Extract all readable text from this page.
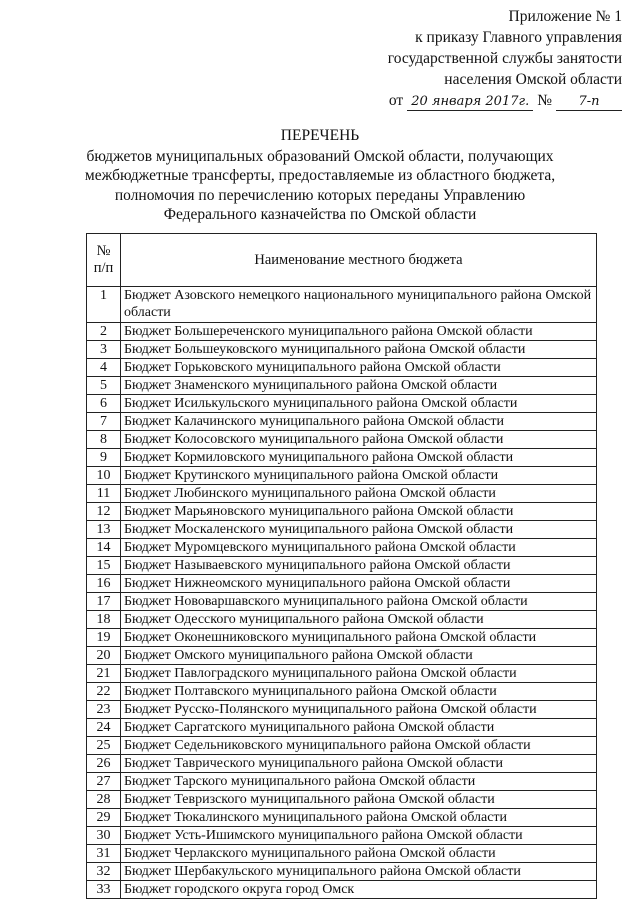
Приложение № 1
к приказу Главного управления
государственной службы занятости
населения Омской области
от 20 января 2017г. №	7-п
ПЕРЕЧЕНЬ
бюджетов муниципальных образований Омской области, получающих
межбюджетные трансферты, предоставляемые из областного бюджета,
полномочия по перечислению которых переданы Управлению
Федерального казначейства по Омской области
№
п/п	Наименование местного бюджета
1	Бюджет Азовского немецкого национального муниципального района Омской области
2	Бюджет Большереченского муниципального района Омской области
3	Бюджет Большеуковского муниципального района Омской области
4	Бюджет Горьковского муниципального района Омской области
5	Бюджет Знаменского муниципального района Омской области
6	Бюджет Исилькульского муниципального района Омской области
7	Бюджет Калачинского муниципального района Омской области
8	Бюджет Колосовского муниципального района Омской области
9	Бюджет Кормиловского муниципального района Омской области
10	Бюджет Крутинского муниципального района Омской области
11	Бюджет Любинского муниципального района Омской области
12	Бюджет Марьяновского муниципального района Омской области
13	Бюджет Москаленского муниципального района Омской области
14	Бюджет Муромцевского муниципального района Омской области
15	Бюджет Называевского муниципального района Омской области
16	Бюджет Нижнеомского муниципального района Омской области
17	Бюджет Нововаршавского муниципального района Омской области
18	Бюджет Одесского муниципального района Омской области
19	Бюджет Оконешниковского муниципального района Омской области
20	Бюджет Омского муниципального района Омской области
21	Бюджет Павлоградского муниципального района Омской области
22	Бюджет Полтавского муниципального района Омской области
23	Бюджет Русско-Полянского муниципального района Омской области
24	Бюджет Саргатского муниципального района Омской области
25	Бюджет Седельниковского муниципального района Омской области
26	Бюджет Таврического муниципального района Омской области
27	Бюджет Тарского муниципального района Омской области
28	Бюджет Тевризского муниципального района Омской области
29	Бюджет Тюкалинского муниципального района Омской области
30	Бюджет Усть-Ишимского муниципального района Омской области
31	Бюджет Черлакского муниципального района Омской области
32	Бюджет Шербакульского муниципального района Омской области
33	Бюджет городского округа город Омск
